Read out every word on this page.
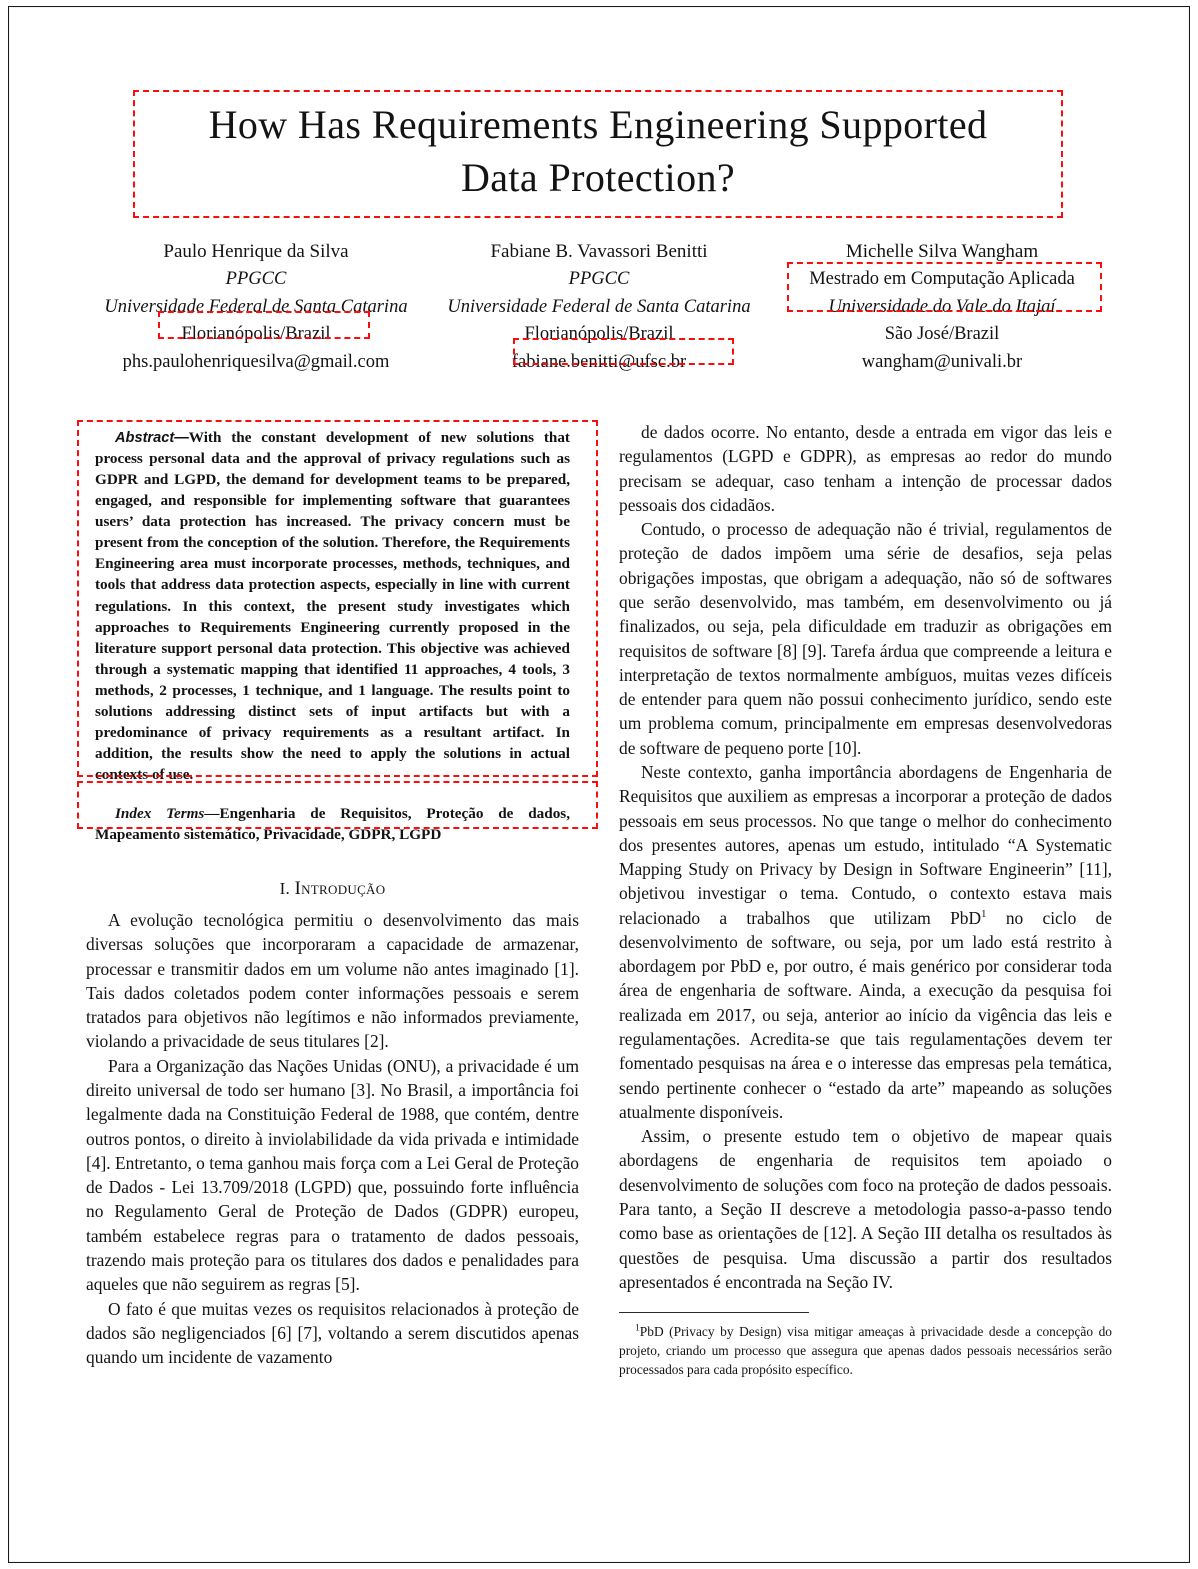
How Has Requirements Engineering Supported
Data Protection?
Paulo Henrique da Silva
PPGCC
Universidade Federal de Santa Catarina
Florianópolis/Brazil
phs.paulohenriquesilva@gmail.com
Fabiane B. Vavassori Benitti
PPGCC
Universidade Federal de Santa Catarina
Florianópolis/Brazil
fabiane.benitti@ufsc.br
Michelle Silva Wangham
Mestrado em Computação Aplicada
Universidade do Vale do Itajaí
São José/Brazil
wangham@univali.br
Abstract—With the constant development of new solutions that process personal data and the approval of privacy regulations such as GDPR and LGPD, the demand for development teams to be prepared, engaged, and responsible for implementing software that guarantees users’ data protection has increased. The privacy concern must be present from the conception of the solution. Therefore, the Requirements Engineering area must incorporate processes, methods, techniques, and tools that address data protection aspects, especially in line with current regulations. In this context, the present study investigates which approaches to Requirements Engineering currently proposed in the literature support personal data protection. This objective was achieved through a systematic mapping that identified 11 approaches, 4 tools, 3 methods, 2 processes, 1 technique, and 1 language. The results point to solutions addressing distinct sets of input artifacts but with a predominance of privacy requirements as a resultant artifact. In addition, the results show the need to apply the solutions in actual contexts of use.
Index Terms—Engenharia de Requisitos, Proteção de dados, Mapeamento sistemático, Privacidade, GDPR, LGPD
I. Introdução

A evolução tecnológica permitiu o desenvolvimento das mais diversas soluções que incorporaram a capacidade de armazenar, processar e transmitir dados em um volume não antes imaginado [1]. Tais dados coletados podem conter informações pessoais e serem tratados para objetivos não legítimos e não informados previamente, violando a privacidade de seus titulares [2].

Para a Organização das Nações Unidas (ONU), a privacidade é um direito universal de todo ser humano [3]. No Brasil, a importância foi legalmente dada na Constituição Federal de 1988, que contém, dentre outros pontos, o direito à inviolabilidade da vida privada e intimidade [4]. Entretanto, o tema ganhou mais força com a Lei Geral de Proteção de Dados - Lei 13.709/2018 (LGPD) que, possuindo forte influência no Regulamento Geral de Proteção de Dados (GDPR) europeu, também estabelece regras para o tratamento de dados pessoais, trazendo mais proteção para os titulares dos dados e penalidades para aqueles que não seguirem as regras [5].

O fato é que muitas vezes os requisitos relacionados à proteção de dados são negligenciados [6] [7], voltando a serem discutidos apenas quando um incidente de vazamento

de dados ocorre. No entanto, desde a entrada em vigor das leis e regulamentos (LGPD e GDPR), as empresas ao redor do mundo precisam se adequar, caso tenham a intenção de processar dados pessoais dos cidadãos.

Contudo, o processo de adequação não é trivial, regulamentos de proteção de dados impõem uma série de desafios, seja pelas obrigações impostas, que obrigam a adequação, não só de softwares que serão desenvolvido, mas também, em desenvolvimento ou já finalizados, ou seja, pela dificuldade em traduzir as obrigações em requisitos de software [8] [9]. Tarefa árdua que compreende a leitura e interpretação de textos normalmente ambíguos, muitas vezes difíceis de entender para quem não possui conhecimento jurídico, sendo este um problema comum, principalmente em empresas desenvolvedoras de software de pequeno porte [10].

Neste contexto, ganha importância abordagens de Engenharia de Requisitos que auxiliem as empresas a incorporar a proteção de dados pessoais em seus processos. No que tange o melhor do conhecimento dos presentes autores, apenas um estudo, intitulado “A Systematic Mapping Study on Privacy by Design in Software Engineerin” [11], objetivou investigar o tema. Contudo, o contexto estava mais relacionado a trabalhos que utilizam PbD$^1$ no ciclo de desenvolvimento de software, ou seja, por um lado está restrito à abordagem por PbD e, por outro, é mais genérico por considerar toda área de engenharia de software. Ainda, a execução da pesquisa foi realizada em 2017, ou seja, anterior ao início da vigência das leis e regulamentações. Acredita-se que tais regulamentações devem ter fomentado pesquisas na área e o interesse das empresas pela temática, sendo pertinente conhecer o “estado da arte” mapeando as soluções atualmente disponíveis.

Assim, o presente estudo tem o objetivo de mapear quais abordagens de engenharia de requisitos tem apoiado o desenvolvimento de soluções com foco na proteção de dados pessoais. Para tanto, a Seção II descreve a metodologia passo-a-passo tendo como base as orientações de [12]. A Seção III detalha os resultados às questões de pesquisa. Uma discussão a partir dos resultados apresentados é encontrada na Seção IV.

$^1$PbD (Privacy by Design) visa mitigar ameaças à privacidade desde a concepção do projeto, criando um processo que assegura que apenas dados pessoais necessários serão processados para cada propósito específico.
